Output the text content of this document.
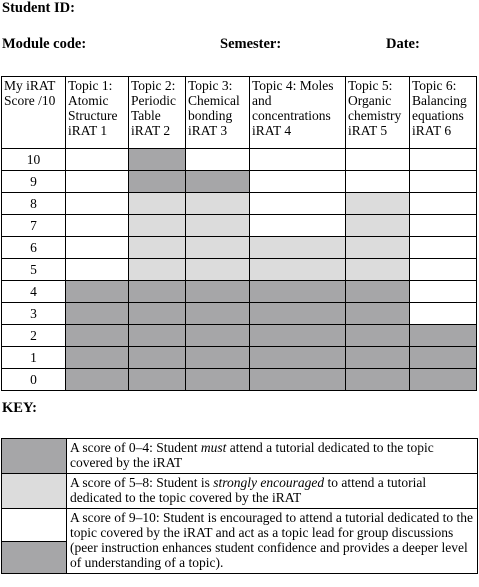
Student ID:
Module code:	Semester:	Date:
My iRAT Score /10	Topic 1: Atomic Structure iRAT 1	Topic 2: Periodic Table iRAT 2	Topic 3: Chemical bonding iRAT 3	Topic 4: Moles and concentrations iRAT 4	Topic 5: Organic chemistry iRAT 5	Topic 6: Balancing equations iRAT 6
10						
9						
8						
7						
6						
5						
4						
3						
2						
1						
0						
KEY:
	A score of 0–4: Student must attend a tutorial dedicated to the topic covered by the iRAT
	A score of 5–8: Student is strongly encouraged to attend a tutorial dedicated to the topic covered by the iRAT

	A score of 9–10: Student is encouraged to attend a tutorial dedicated to the topic covered by the iRAT and act as a topic lead for group discussions (peer instruction enhances student confidence and provides a deeper level of understanding of a topic).
